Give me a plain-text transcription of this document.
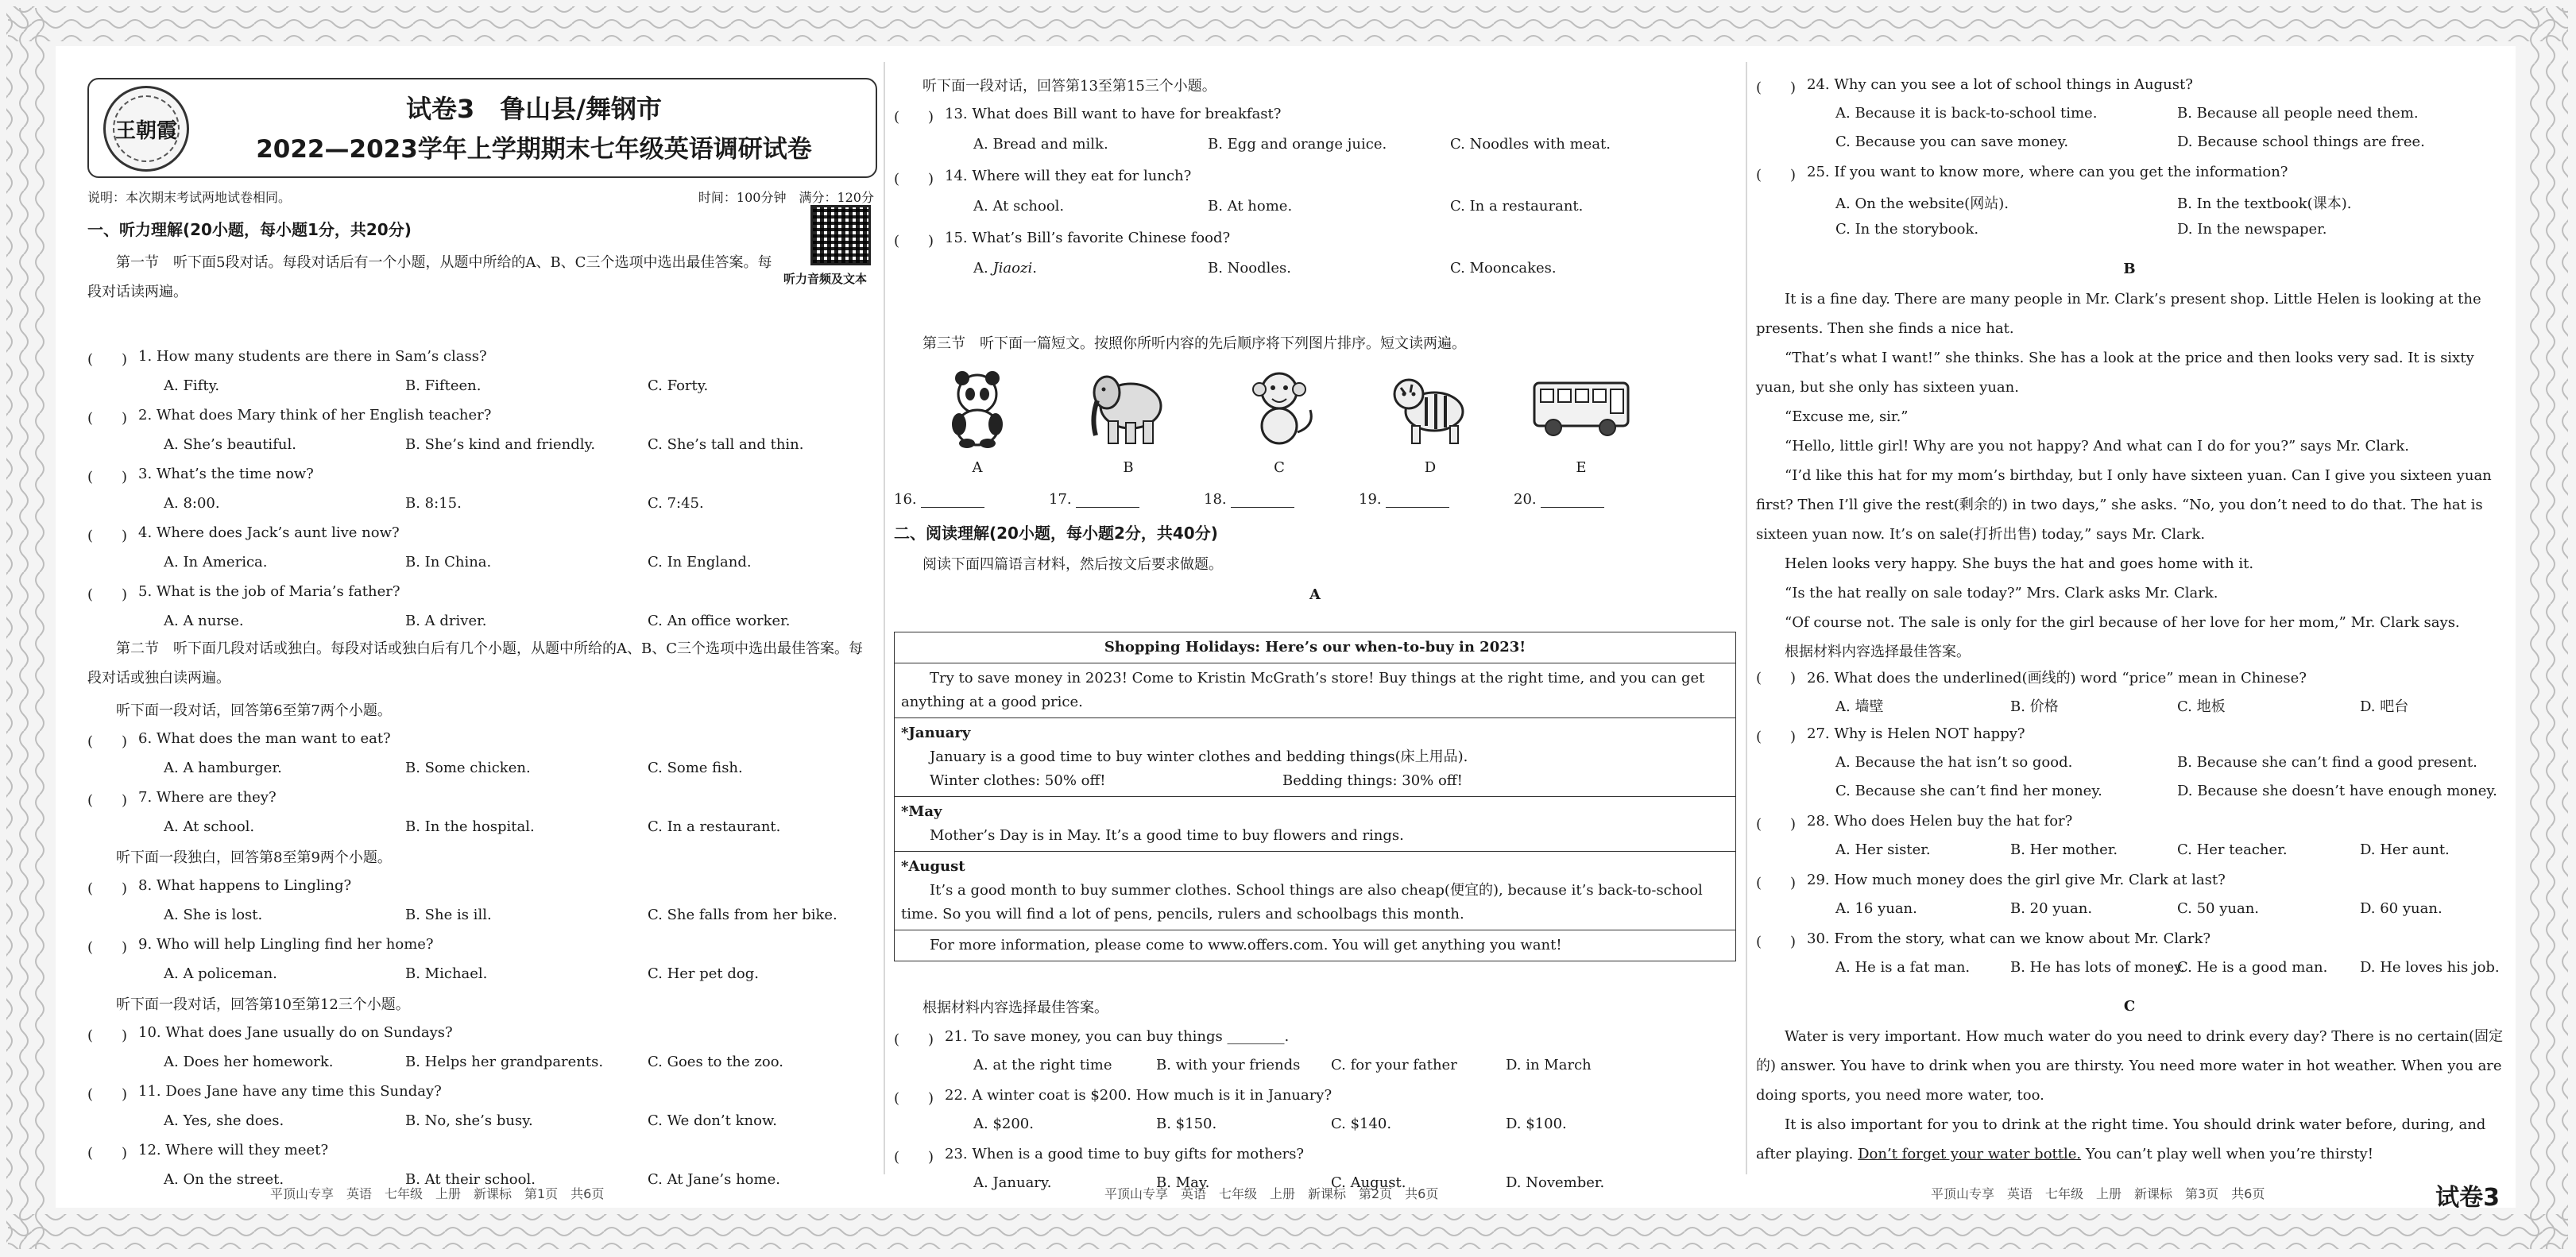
王朝霞
试卷3　鲁山县/舞钢市
2022—2023学年上学期期末七年级英语调研试卷
说明：本次期末考试两地试卷相同。	时间：100分钟　满分：120分
一、听力理解(20小题，每小题1分，共20分)
听力音频及文本
第一节　听下面5段对话。每段对话后有一个小题，从题中所给的A、B、C三个选项中选出最佳答案。每段对话读两遍。
(　　) 1. How many students are there in Sam’s class?
A. Fifty.	B. Fifteen.	C. Forty.
(　　) 2. What does Mary think of her English teacher?
A. She’s beautiful.	B. She’s kind and friendly.	C. She’s tall and thin.
(　　) 3. What’s the time now?
A. 8:00.	B. 8:15.	C. 7:45.
(　　) 4. Where does Jack’s aunt live now?
A. In America.	B. In China.	C. In England.
(　　) 5. What is the job of Maria’s father?
A. A nurse.	B. A driver.	C. An office worker.
第二节　听下面几段对话或独白。每段对话或独白后有几个小题，从题中所给的A、B、C三个选项中选出最佳答案。每段对话或独白读两遍。
听下面一段对话，回答第6至第7两个小题。
(　　) 6. What does the man want to eat?
A. A hamburger.	B. Some chicken.	C. Some fish.
(　　) 7. Where are they?
A. At school.	B. In the hospital.	C. In a restaurant.
听下面一段独白，回答第8至第9两个小题。
(　　) 8. What happens to Lingling?
A. She is lost.	B. She is ill.	C. She falls from her bike.
(　　) 9. Who will help Lingling find her home?
A. A policeman.	B. Michael.	C. Her pet dog.
听下面一段对话，回答第10至第12三个小题。
(　　) 10. What does Jane usually do on Sundays?
A. Does her homework.	B. Helps her grandparents.	C. Goes to the zoo.
(　　) 11. Does Jane have any time this Sunday?
A. Yes, she does.	B. No, she’s busy.	C. We don’t know.
(　　) 12. Where will they meet?
A. On the street.	B. At their school.	C. At Jane’s home.
听下面一段对话，回答第13至第15三个小题。
(　　) 13. What does Bill want to have for breakfast?
A. Bread and milk.	B. Egg and orange juice.	C. Noodles with meat.
(　　) 14. Where will they eat for lunch?
A. At school.	B. At home.	C. In a restaurant.
(　　) 15. What’s Bill’s favorite Chinese food?
A. Jiaozi.	B. Noodles.	C. Mooncakes.
第三节　听下面一篇短文。按照你所听内容的先后顺序将下列图片排序。短文读两遍。
A	B	C	D	E
16.	17.	18.	19.	20.
二、阅读理解(20小题，每小题2分，共40分)
阅读下面四篇语言材料，然后按文后要求做题。
A
Shopping Holidays: Here’s our when-to-buy in 2023!
Try to save money in 2023! Come to Kristin McGrath’s store! Buy things at the right time, and you can get anything at a good price.

*January
January is a good time to buy winter clothes and bedding things(床上用品).
Winter clothes: 50% off!	Bedding things: 30% off!

*May
Mother’s Day is in May. It’s a good time to buy flowers and rings.

*August
It’s a good month to buy summer clothes. School things are also cheap(便宜的), because it’s back-to-school time. So you will find a lot of pens, pencils, rulers and schoolbags this month.

For more information, please come to www.offers.com. You will get anything you want!
根据材料内容选择最佳答案。
(　　) 21. To save money, you can buy things ________.
A. at the right time	B. with your friends C. for your father	D. in March
(　　) 22. A winter coat is $200. How much is it in January?
A. $200.	B. $150.	C. $140.	D. $100.
(　　) 23. When is a good time to buy gifts for mothers?
A. January.	B. May.	C. August.	D. November.
(　　) 24. Why can you see a lot of school things in August?
A. Because it is back-to-school time.	B. Because all people need them.
C. Because you can save money.	D. Because school things are free.
(　　) 25. If you want to know more, where can you get the information?
A. On the website(网站).	B. In the textbook(课本).
C. In the storybook.	D. In the newspaper.
B
It is a fine day. There are many people in Mr. Clark’s present shop. Little Helen is looking at the presents. Then she finds a nice hat.
“That’s what I want!” she thinks. She has a look at the price and then looks very sad. It is sixty yuan, but she only has sixteen yuan.
“Excuse me, sir.”
“Hello, little girl! Why are you not happy? And what can I do for you?” says Mr. Clark.
“I’d like this hat for my mom’s birthday, but I only have sixteen yuan. Can I give you sixteen yuan first? Then I’ll give the rest(剩余的) in two days,” she asks. “No, you don’t need to do that. The hat is sixteen yuan now. It’s on sale(打折出售) today,” says Mr. Clark.
Helen looks very happy. She buys the hat and goes home with it.
“Is the hat really on sale today?” Mrs. Clark asks Mr. Clark.
“Of course not. The sale is only for the girl because of her love for her mom,” Mr. Clark says.
根据材料内容选择最佳答案。
(　　) 26. What does the underlined(画线的) word “price” mean in Chinese?
A. 墙壁	B. 价格	C. 地板	D. 吧台
(　　) 27. Why is Helen NOT happy?
A. Because the hat isn’t so good.	B. Because she can’t find a good present.
C. Because she can’t find her money.	D. Because she doesn’t have enough money.
(　　) 28. Who does Helen buy the hat for?
A. Her sister.	B. Her mother.	C. Her teacher.	D. Her aunt.
(　　) 29. How much money does the girl give Mr. Clark at last?
A. 16 yuan.	B. 20 yuan.	C. 50 yuan.	D. 60 yuan.
(　　) 30. From the story, what can we know about Mr. Clark?
A. He is a fat man.	B. He has lots of money.
C. He is a good man. D. He loves his job.
C
Water is very important. How much water do you need to drink every day? There is no certain(固定的) answer. You have to drink when you are thirsty. You need more water in hot weather. When you are doing sports, you need more water, too.
It is also important for you to drink at the right time. You should drink water before, during, and after playing. Don’t forget your water bottle. You can’t play well when you’re thirsty!
平顶山专享　英语　七年级　上册　新课标　第1页　共6页	平顶山专享　英语　七年级　上册　新课标　第2页　共6页	平顶山专享　英语　七年级　上册　新课标　第3页　共6页	试卷3
